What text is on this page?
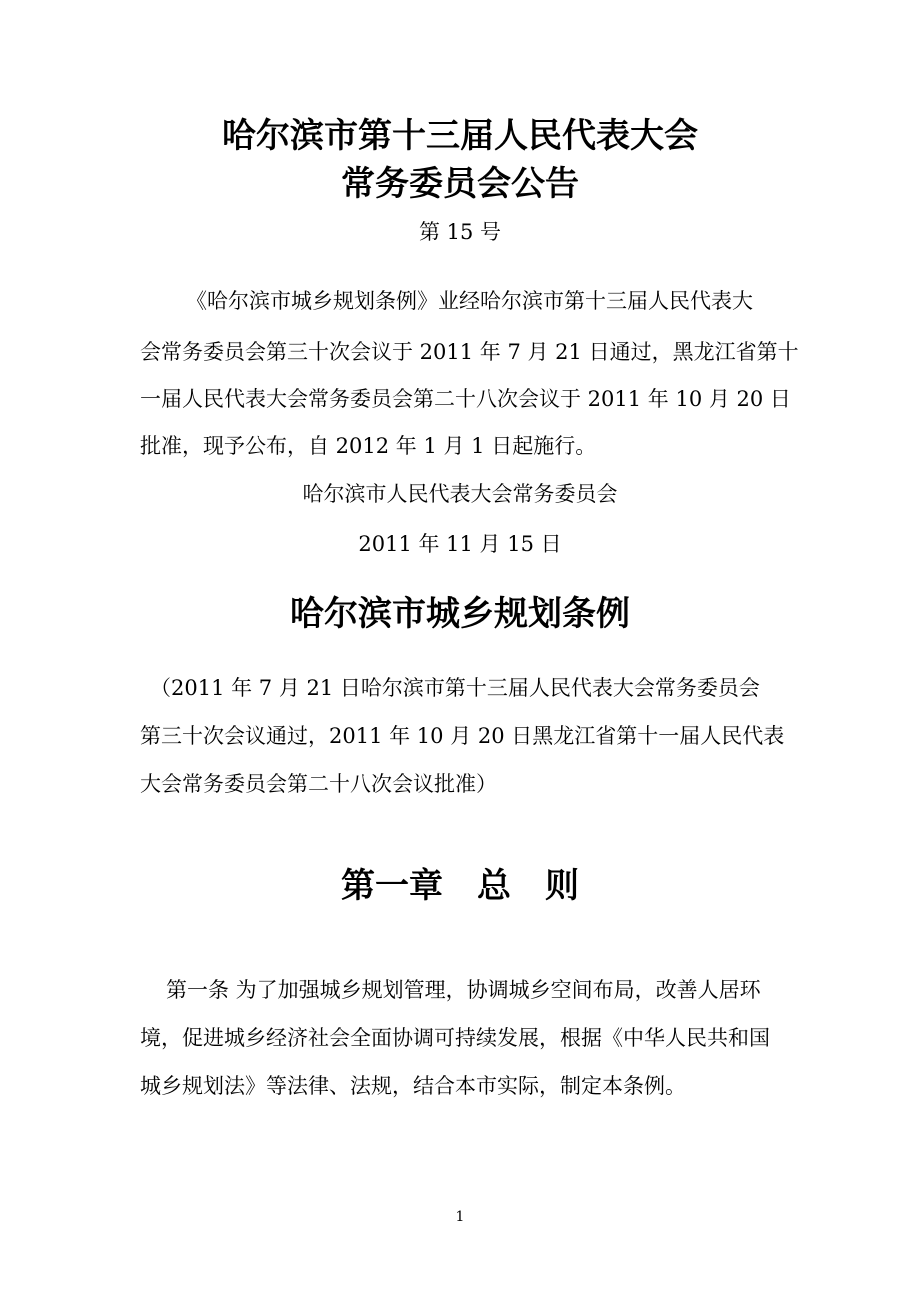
哈尔滨市第十三届人民代表大会
常务委员会公告

第 15 号

《哈尔滨市城乡规划条例》业经哈尔滨市第十三届人民代表大

会常务委员会第三十次会议于 2011 年 7 月 21 日通过，黑龙江省第十

一届人民代表大会常务委员会第二十八次会议于 2011 年 10 月 20 日

批准，现予公布，自 2012 年 1 月 1 日起施行。

哈尔滨市人民代表大会常务委员会

2011 年 11 月 15 日

哈尔滨市城乡规划条例

（2011 年 7 月 21 日哈尔滨市第十三届人民代表大会常务委员会

第三十次会议通过，2011 年 10 月 20 日黑龙江省第十一届人民代表

大会常务委员会第二十八次会议批准）

第一章　总　则

第一条 为了加强城乡规划管理，协调城乡空间布局，改善人居环

境，促进城乡经济社会全面协调可持续发展，根据《中华人民共和国

城乡规划法》等法律、法规，结合本市实际，制定本条例。

1
